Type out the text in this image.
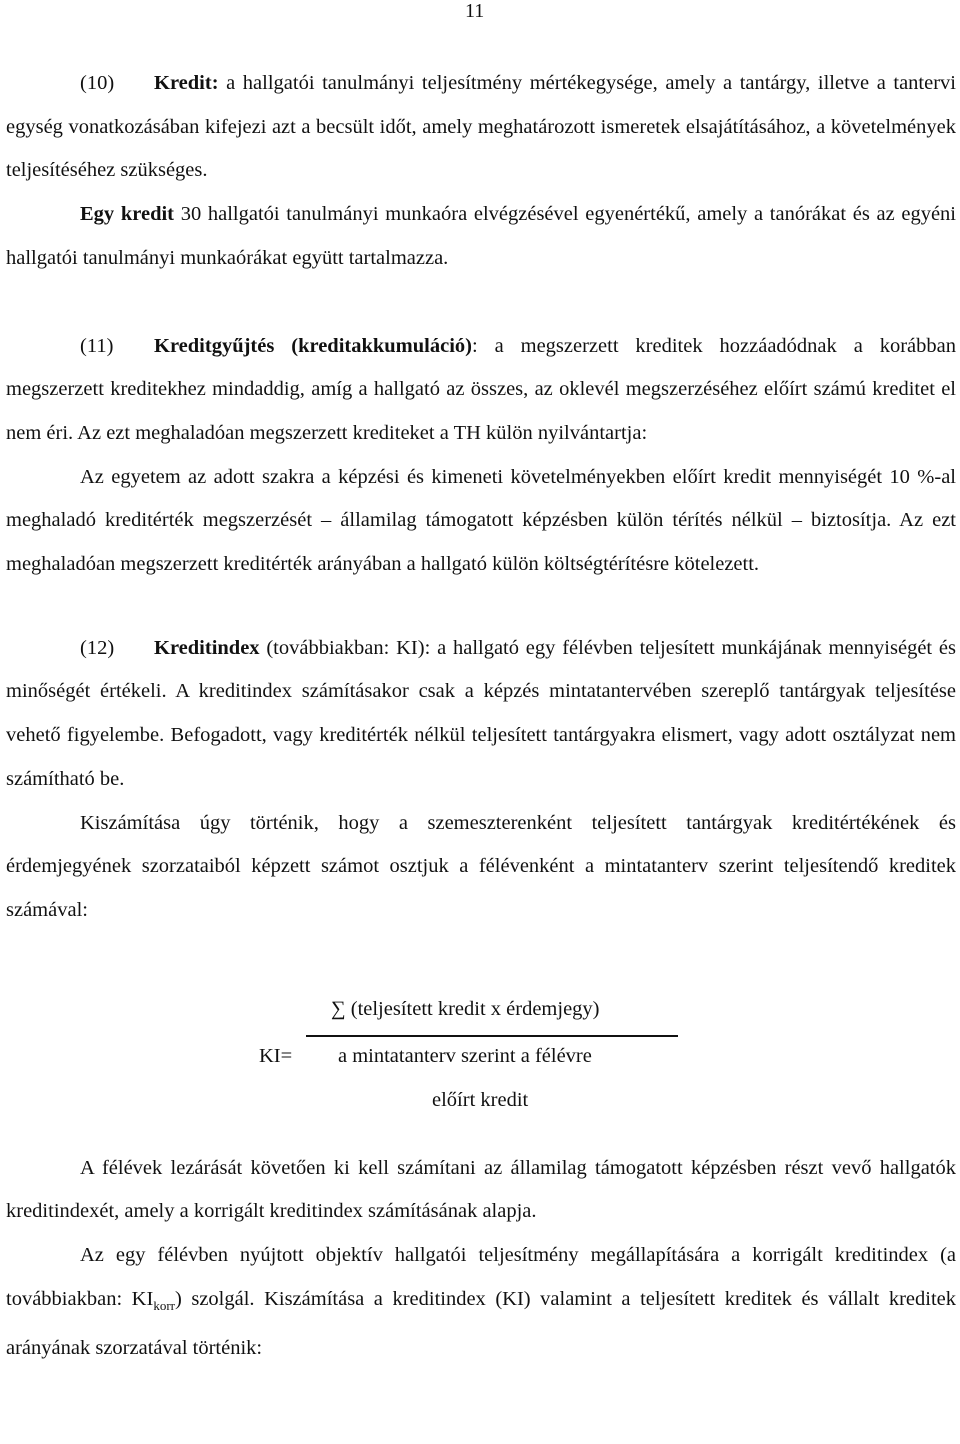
11

(10) Kredit: a hallgatói tanulmányi teljesítmény mértékegysége, amely a tantárgy, illetve a tantervi egység vonatkozásában kifejezi azt a becsült időt, amely meghatározott ismeretek elsajátításához, a követelmények teljesítéséhez szükséges.

Egy kredit 30 hallgatói tanulmányi munkaóra elvégzésével egyenértékű, amely a tanórákat és az egyéni hallgatói tanulmányi munkaórákat együtt tartalmazza.

(11) Kreditgyűjtés (kreditakkumuláció): a megszerzett kreditek hozzáadódnak a korábban megszerzett kreditekhez mindaddig, amíg a hallgató az összes, az oklevél megszerzéséhez előírt számú kreditet el nem éri. Az ezt meghaladóan megszerzett krediteket a TH külön nyilvántartja:

Az egyetem az adott szakra a képzési és kimeneti követelményekben előírt kredit mennyiségét 10 %-al meghaladó kreditérték megszerzését – államilag támogatott képzésben külön térítés nélkül – biztosítja. Az ezt meghaladóan megszerzett kreditérték arányában a hallgató külön költségtérítésre kötelezett.

(12) Kreditindex (továbbiakban: KI): a hallgató egy félévben teljesített munkájának mennyiségét és minőségét értékeli. A kreditindex számításakor csak a képzés mintatantervében szereplő tantárgyak teljesítése vehető figyelembe. Befogadott, vagy kreditérték nélkül teljesített tantárgyakra elismert, vagy adott osztályzat nem számítható be.

Kiszámítása úgy történik, hogy a szemeszterenként teljesített tantárgyak kreditértékének és érdemjegyének szorzataiból képzett számot osztjuk a félévenként a mintatanterv szerint teljesítendő kreditek számával:

KI=
∑ (teljesített kredit x érdemjegy)
a mintatanterv szerint a félévre
előírt kredit

A félévek lezárását követően ki kell számítani az államilag támogatott képzésben részt vevő hallgatók kreditindexét, amely a korrigált kreditindex számításának alapja.

Az egy félévben nyújtott objektív hallgatói teljesítmény megállapítására a korrigált kreditindex (a továbbiakban: $KI_{korr}$) szolgál. Kiszámítása a kreditindex (KI) valamint a teljesített kreditek és vállalt kreditek arányának szorzatával történik:
